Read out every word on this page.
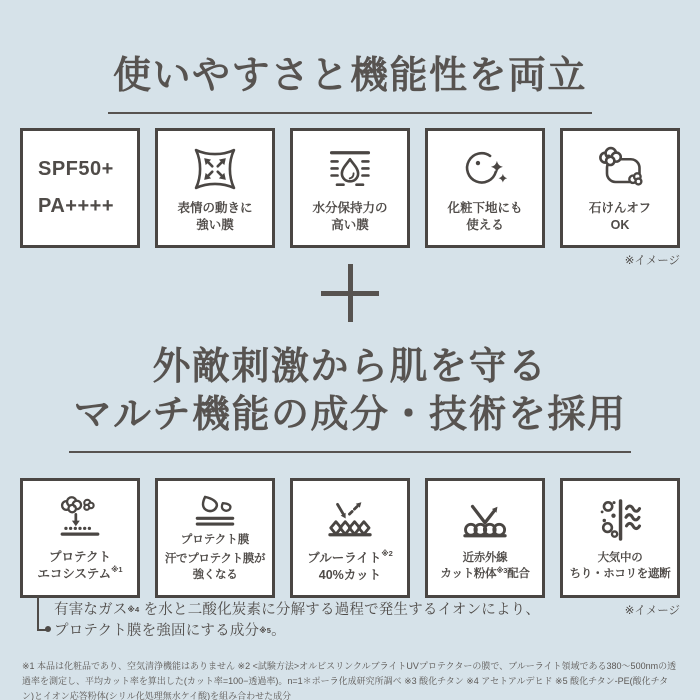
使いやすさと機能性を両立
SPF50+
PA++++	表情の動きに
強い膜
水分保持力の
高い膜
化粧下地にも
使える
石けんオフ
OK
※イメージ
外敵刺激から肌を守る
マルチ機能の成分・技術を採用
プロテクト
エコシステム$^{※1}$
プロテクト膜
汗でプロテクト膜が
強くなる
ブルーライト$^{※2}$
40%カット
近赤外線
カット粉体$^{※3}$配合
大気中の
ちり・ホコリを遮断
※イメージ
有害なガス$^{※4}$ を水と二酸化炭素に分解する過程で発生するイオンにより、
プロテクト膜を強固にする成分$^{※5}$。
※1 本品は化粧品であり、空気清浄機能はありません ※2 <試験方法>オルビスリンクルブライトUVプロテクターの膜で、ブルーライト領域である380〜500nmの透過率を測定し、平均カット率を算出した(カット率=100−透過率)。n=1＊ポーラ化成研究所調べ ※3 酸化チタン ※4 アセトアルデヒド ※5 酸化チタン-PE(酸化チタン)とイオン応答粉体(シリル化処理無水ケイ酸)を組み合わせた成分
